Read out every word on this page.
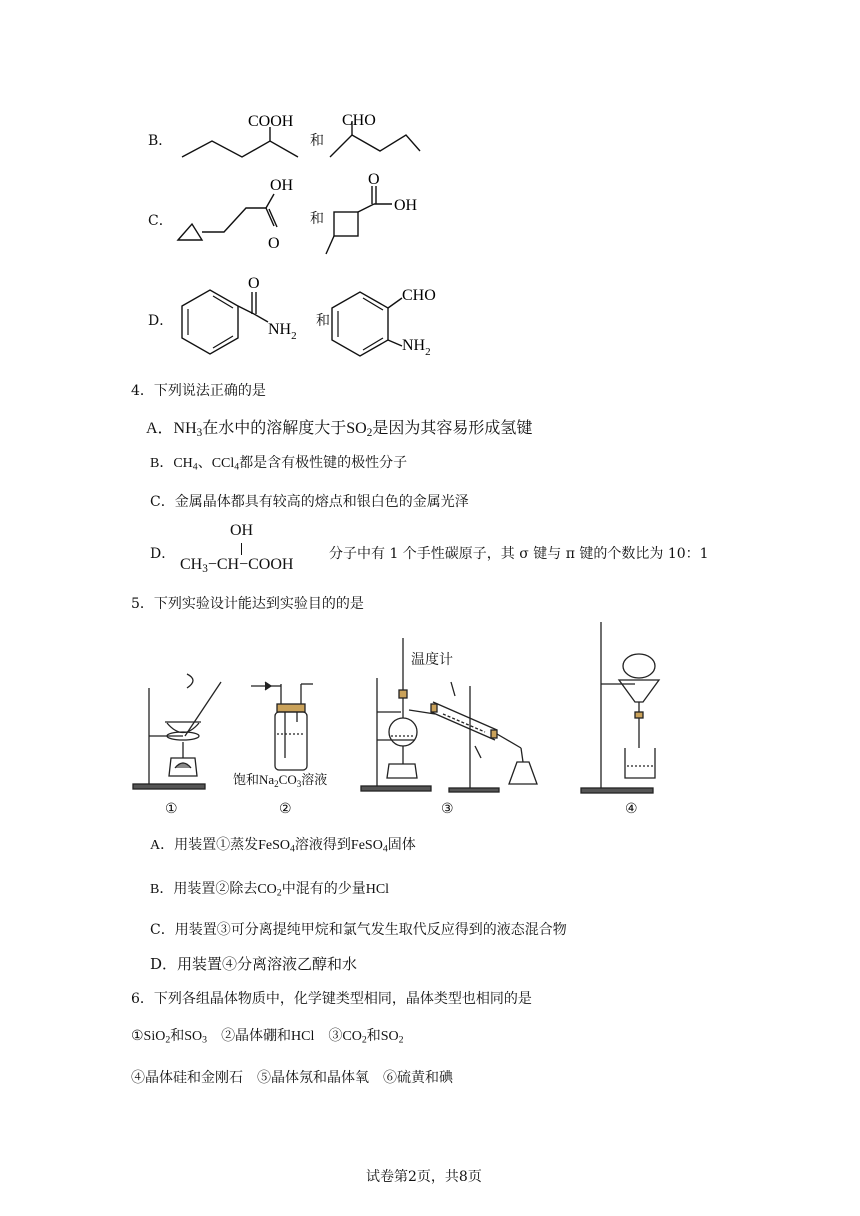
B．
COOH	CHO
和
C．
OH
O
O
OH
和
D．
O
$NH_2$
CHO
$NH_2$
和
4．下列说法正确的是
A．$NH_3$在水中的溶解度大于$SO_2$是因为其容易形成氢键
B．$CH_4$、CCl$_4$都是含有极性键的极性分子
C．金属晶体都具有较高的熔点和银白色的金属光泽
D．
OH
$CH_3-CH-COOH$
分子中有 1 个手性碳原子，其 σ 键与 π 键的个数比为 10：1
5．下列实验设计能达到实验目的的是
温度计
饱和$Na_2CO_3$溶液
①	②	③	④
A．用装置①蒸发FeSO$_4$溶液得到FeSO$_4$固体
B．用装置②除去$CO_2$中混有的少量HCl
C．用装置③可分离提纯甲烷和氯气发生取代反应得到的液态混合物
D．用装置④分离溶液乙醇和水
6．下列各组晶体物质中，化学键类型相同，晶体类型也相同的是
①SiO$_2$和$SO_3$　 ②晶体硼和HCl　 $③CO_2$和$SO_2$
④晶体硅和金刚石　⑤晶体氖和晶体氧　⑥硫黄和碘
试卷第2页，共8页
